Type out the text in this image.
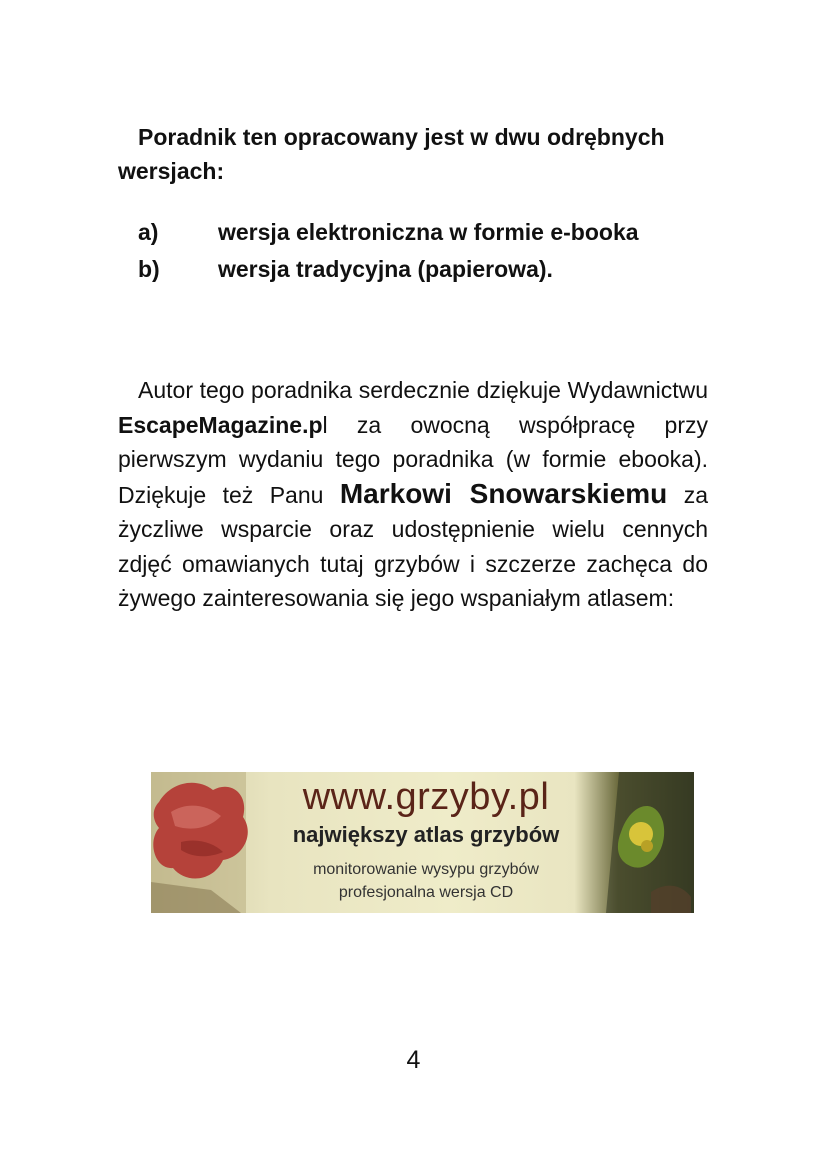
Poradnik ten opracowany jest w dwu odrębnych
wersjach:

a)	wersja elektroniczna w formie e-booka
b)	wersja tradycyjna (papierowa).

Autor tego poradnika serdecznie dziękuje Wydawnictwu EscapeMagazine.pl za owocną współpracę przy pierwszym wydaniu tego poradnika (w formie ebooka). Dziękuje też Panu Markowi Snowarskiemu za życzliwe wsparcie oraz udostępnienie wielu cennych zdjęć omawianych tutaj grzybów i szczerze zachęca do żywego zainteresowania się jego wspaniałym atlasem:

www.grzyby.pl
największy atlas grzybów
monitorowanie wysypu grzybów
profesjonalna wersja CD
4
